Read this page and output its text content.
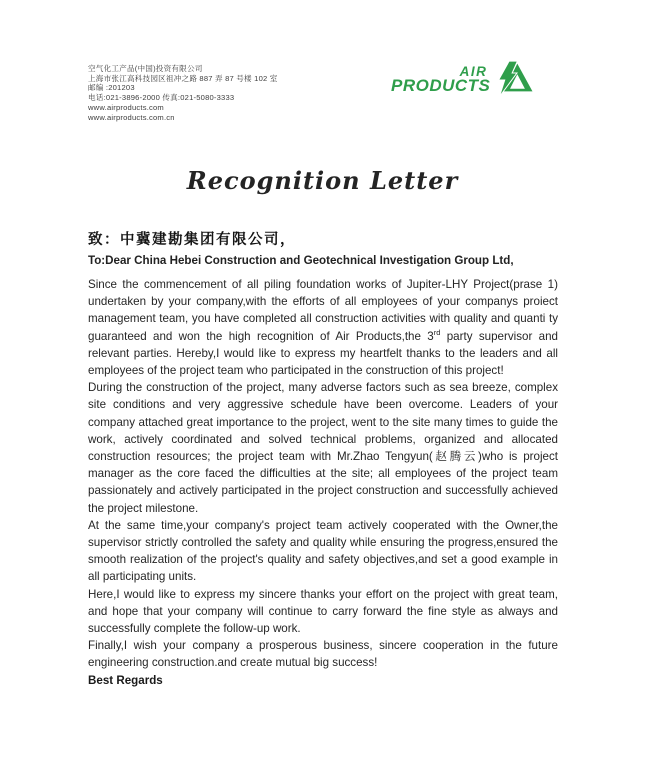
空气化工产品(中国)投资有限公司
上海市张江高科技园区祖冲之路 887 弄 87 号楼 102 室
邮编 :201203
电话:021-3896-2000 传真:021-5080-3333
www.airproducts.com
www.airproducts.com.cn
AIR
PRODUCTS
Recognition Letter
致：中冀建勘集团有限公司，
To:Dear China Hebei Construction and Geotechnical Investigation Group Ltd,

Since the commencement of all piling foundation works of Jupiter-LHY Project(prase 1) undertaken by your company,with the efforts of all employees of your companys proiect management team, you have completed all construction activities with quality and quanti ty guaranteed and won the high recognition of Air Products,the 3rd party supervisor and relevant parties. Hereby,I would like to express my heartfelt thanks to the leaders and all employees of the project team who participated in the construction of this project!

During the construction of the project, many adverse factors such as sea breeze, complex site conditions and very aggressive schedule have been overcome. Leaders of your company attached great importance to the project, went to the site many times to guide the work, actively coordinated and solved technical problems, organized and allocated construction resources; the project team with Mr.Zhao Tengyun(赵腾云)who is project manager as the core faced the difficulties at the site; all employees of the project team passionately and actively participated in the project construction and successfully achieved the project milestone.

At the same time,your company's project team actively cooperated with the Owner,the supervisor strictly controlled the safety and quality while ensuring the progress,ensured the smooth realization of the project's quality and safety objectives,and set a good example in all participating units.

Here,I would like to express my sincere thanks your effort on the project with great team, and hope that your company will continue to carry forward the fine style as always and successfully complete the follow-up work.

Finally,I wish your company a prosperous business, sincere cooperation in the future engineering construction.and create mutual big success!

Best Regards
